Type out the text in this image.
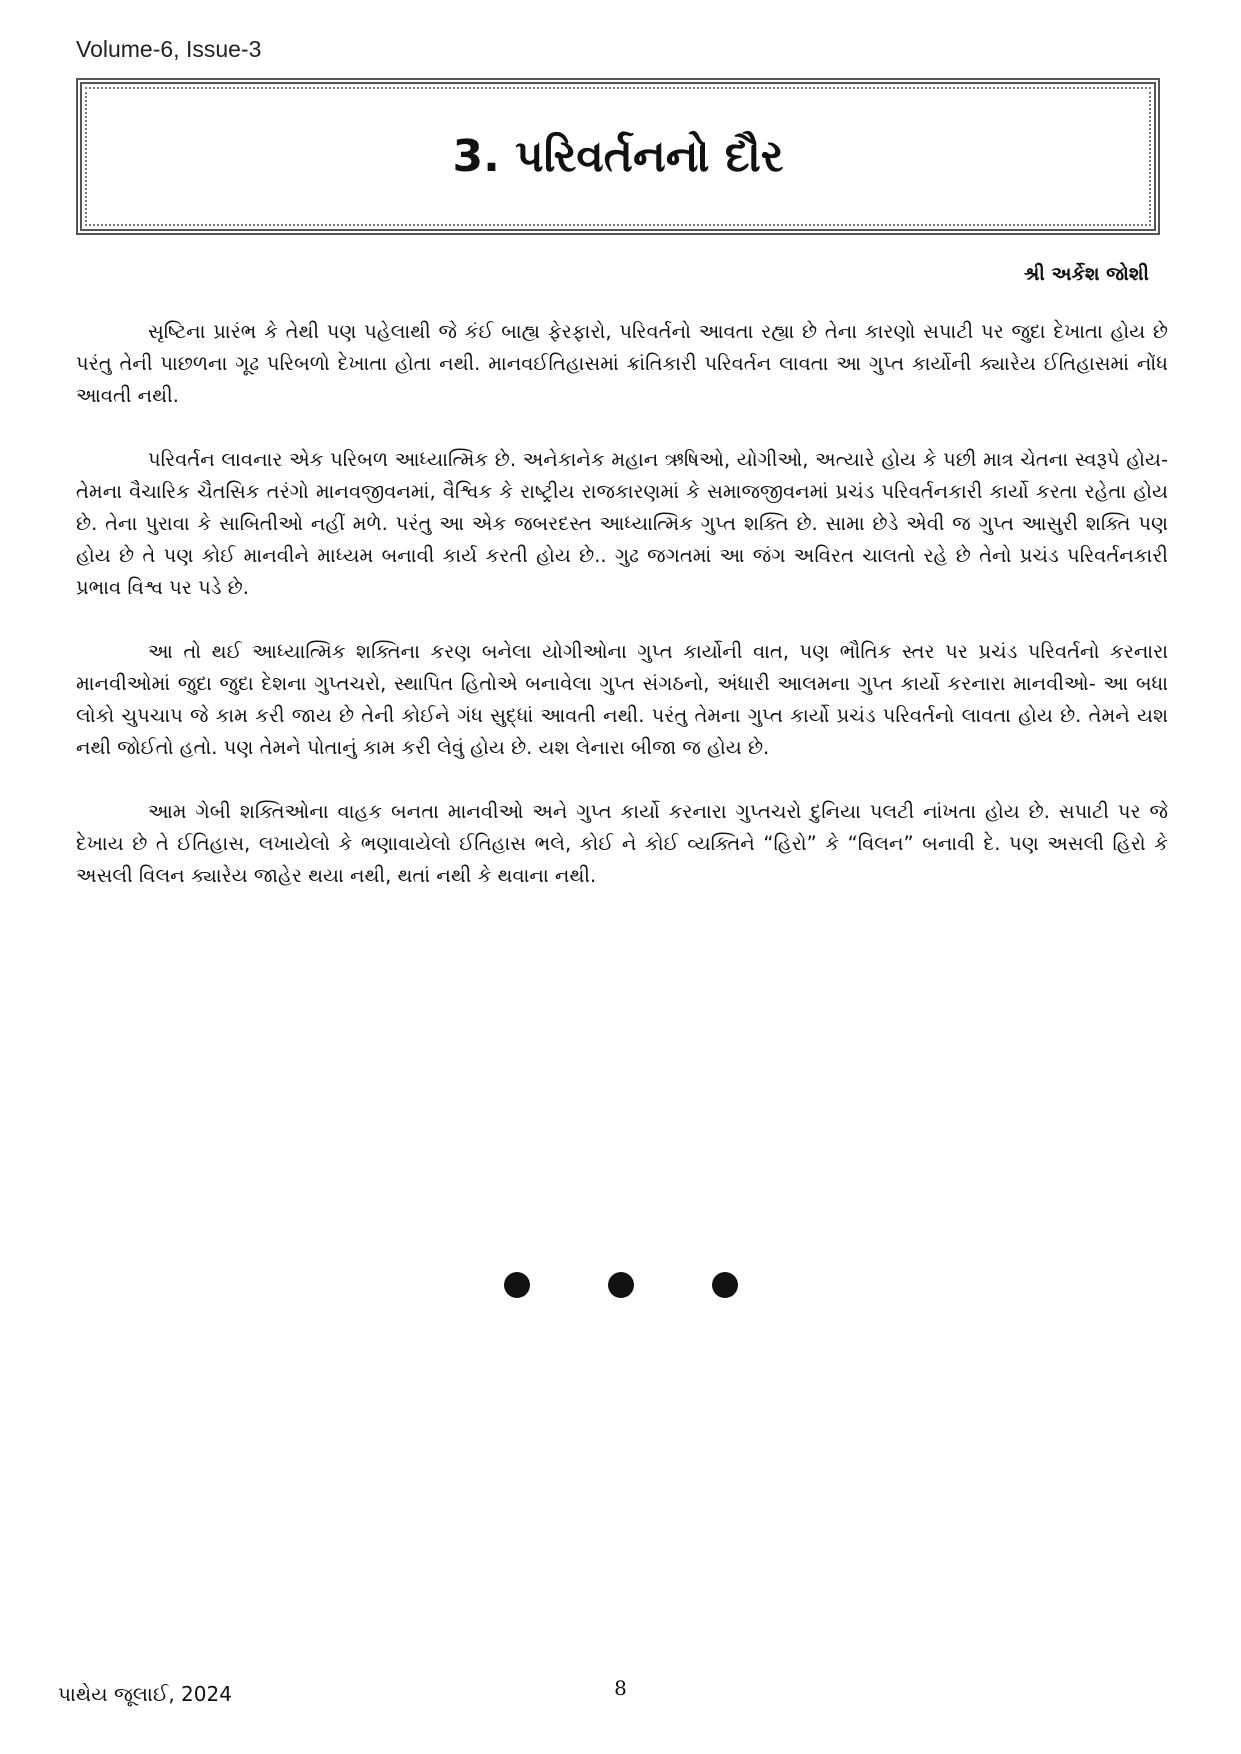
Volume-6, Issue-3
3. પરિવર્તનનો દૌર
શ્રી અર્કેશ જોશી

સૃષ્ટિના પ્રારંભ કે તેથી પણ પહેલાથી જે કંઈ બાહ્ય ફેરફારો, પરિવર્તનો આવતા રહ્યા છે તેના કારણો સપાટી પર જુદા દેખાતા હોય છે પરંતુ તેની પાછળના ગૂઢ પરિબળો દેખાતા હોતા નથી. માનવઈતિહાસમાં ક્રાંતિકારી પરિવર્તન લાવતા આ ગુપ્ત કાર્યોની ક્યારેય ઈતિહાસમાં નોંધ આવતી નથી.

પરિવર્તન લાવનાર એક પરિબળ આધ્યાત્મિક છે. અનેકાનેક મહાન ઋષિઓ, યોગીઓ, અત્યારે હોય કે પછી માત્ર ચેતના સ્વરૂપે હોય-તેમના વૈચારિક ચૈતસિક તરંગો માનવજીવનમાં, વૈશ્વિક કે રાષ્ટ્રીય રાજકારણમાં કે સમાજજીવનમાં પ્રચંડ પરિવર્તનકારી કાર્યો કરતા રહેતા હોય છે. તેના પુરાવા કે સાબિતીઓ નહીં મળે. પરંતુ આ એક જબરદસ્ત આધ્યાત્મિક ગુપ્ત શક્તિ છે. સામા છેડે એવી જ ગુપ્ત આસુરી શક્તિ પણ હોય છે તે પણ કોઈ માનવીને માધ્યમ બનાવી કાર્ય કરતી હોય છે.. ગુઢ જગતમાં આ જંગ અવિરત ચાલતો રહે છે તેનો પ્રચંડ પરિવર્તનકારી પ્રભાવ વિશ્વ પર પડે છે.

આ તો થઈ આધ્યાત્મિક શક્તિના કરણ બનેલા યોગીઓના ગુપ્ત કાર્યોની વાત, પણ ભૌતિક સ્તર પર પ્રચંડ પરિવર્તનો કરનારા માનવીઓમાં જુદા જુદા દેશના ગુપ્તચરો, સ્થાપિત હિતોએ બનાવેલા ગુપ્ત સંગઠનો, અંધારી આલમના ગુપ્ત કાર્યો કરનારા માનવીઓ- આ બધા લોકો ચુપચાપ જે કામ કરી જાય છે તેની કોઈને ગંધ સુદ્ધાં આવતી નથી. પરંતુ તેમના ગુપ્ત કાર્યો પ્રચંડ પરિવર્તનો લાવતા હોય છે. તેમને યશ નથી જોઈતો હતો. પણ તેમને પોતાનું કામ કરી લેવું હોય છે. યશ લેનારા બીજા જ હોય છે.

આમ ગેબી શક્તિઓના વાહક બનતા માનવીઓ અને ગુપ્ત કાર્યો કરનારા ગુપ્તચરો દુનિયા પલટી નાંખતા હોય છે. સપાટી પર જે દેખાય છે તે ઈતિહાસ, લખાયેલો કે ભણાવાયેલો ઈતિહાસ ભલે, કોઈ ને કોઈ વ્યક્તિને “હિરો” કે “વિલન” બનાવી દે. પણ અસલી હિરો કે અસલી વિલન ક્યારેય જાહેર થયા નથી, થતાં નથી કે થવાના નથી.

પાથેય જૂલાઈ, 2024	8
